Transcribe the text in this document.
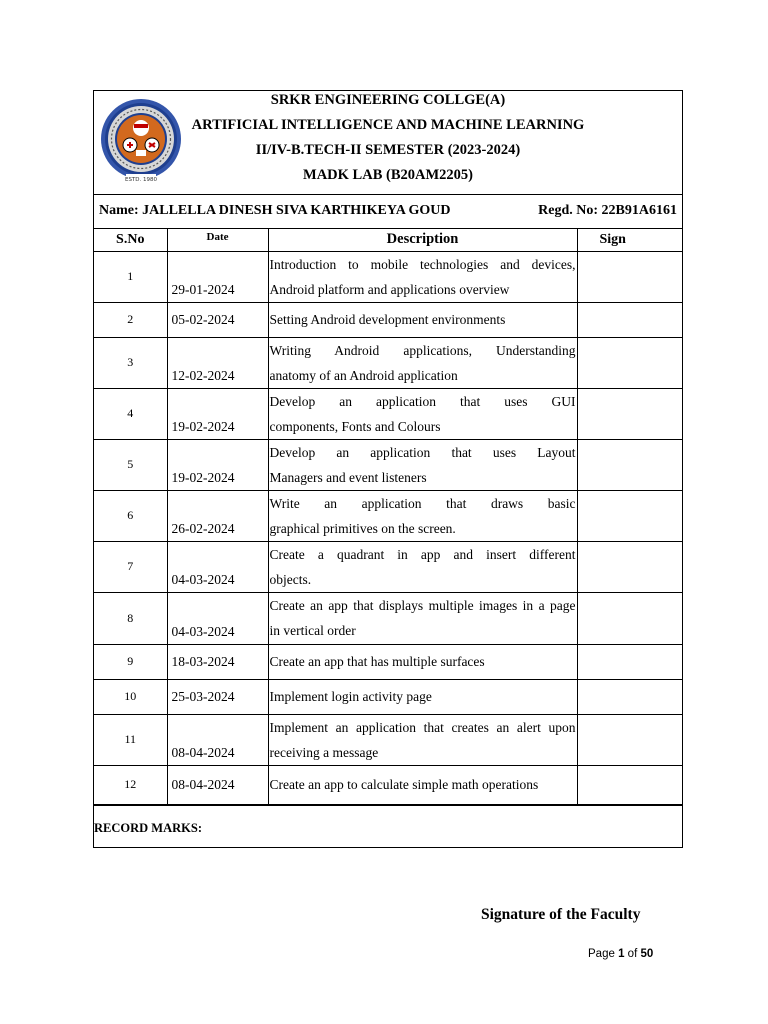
ESTD. 1980
SRKR ENGINEERING COLLGE(A)
ARTIFICIAL INTELLIGENCE AND MACHINE LEARNING
II/IV-B.TECH-II SEMESTER (2023-2024)
MADK LAB (B20AM2205)
Name: JALLELLA DINESH SIVA KARTHIKEYA GOUD	Regd. No: 22B91A6161
S.No	Date	Description	Sign
1	29-01-2024	Introduction to mobile technologies and devices,
Android platform and applications overview	

2	05-02-2024	Setting Android development environments	

3	12-02-2024	Writing Android applications, Understanding
anatomy of an Android application	

4	19-02-2024	Develop an application that uses GUI
components, Fonts and Colours	

5	19-02-2024	Develop an application that uses Layout
Managers and event listeners	

6	26-02-2024	Write an application that draws basic
graphical primitives on the screen.	

7	04-03-2024	Create a quadrant in app and insert different
objects.	

8	04-03-2024	Create an app that displays multiple images in a page
in vertical order	

9	18-03-2024	Create an app that has multiple surfaces	

10	25-03-2024	Implement login activity page	

11	08-04-2024	Implement an application that creates an alert upon
receiving a message	

12	08-04-2024	Create an app to calculate simple math operations	

RECORD MARKS:
Signature of the Faculty
Page 1 of 50
